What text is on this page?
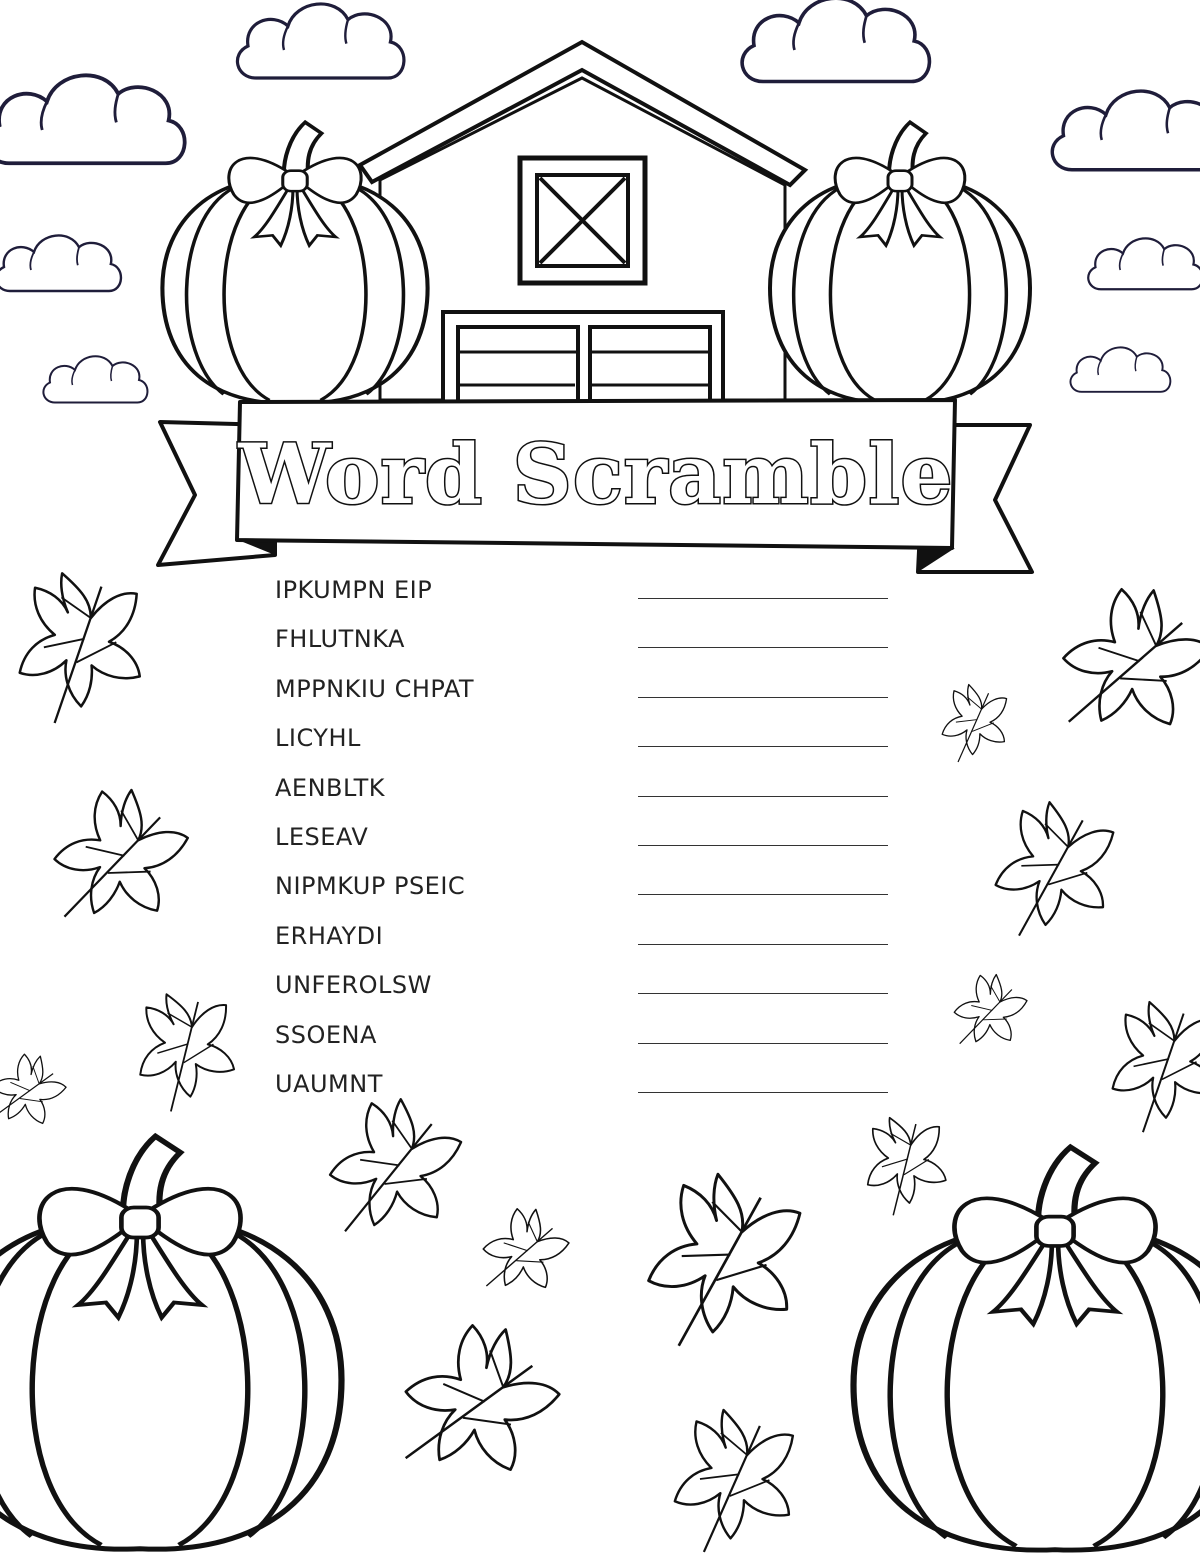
Word Scramble
IPKUMPN EIP
FHLUTNKA
MPPNKIU CHPAT
LICYHL
AENBLTK
LESEAV
NIPMKUP PSEIC
ERHAYDI
UNFEROLSW
SSOENA
UAUMNT
